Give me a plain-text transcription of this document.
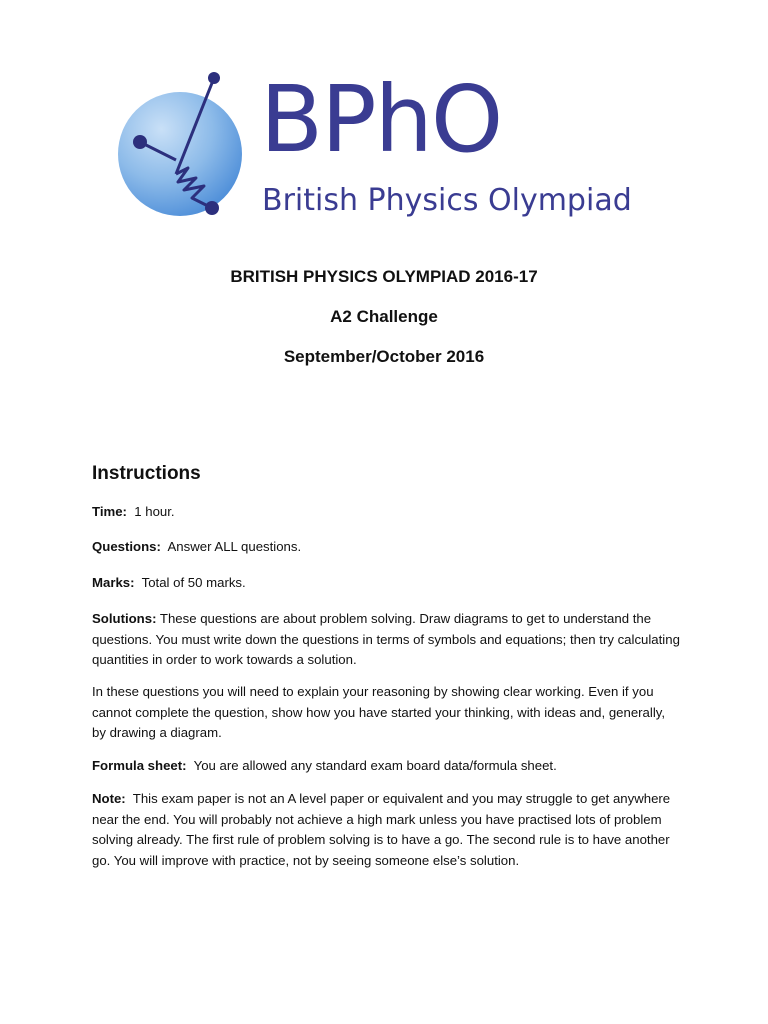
BPhO
British Physics Olympiad
BRITISH PHYSICS OLYMPIAD 2016-17
A2 Challenge
September/October 2016
Instructions
Time: 1 hour.
Questions: Answer ALL questions.
Marks: Total of 50 marks.
Solutions: These questions are about problem solving. Draw diagrams to get to understand the questions. You must write down the questions in terms of symbols and equations; then try calculating quantities in order to work towards a solution.
In these questions you will need to explain your reasoning by showing clear working. Even if you cannot complete the question, show how you have started your thinking, with ideas and, generally, by drawing a diagram.
Formula sheet: You are allowed any standard exam board data/formula sheet.
Note: This exam paper is not an A level paper or equivalent and you may struggle to get anywhere near the end. You will probably not achieve a high mark unless you have practised lots of problem solving already. The first rule of problem solving is to have a go. The second rule is to have another go. You will improve with practice, not by seeing someone else’s solution.
